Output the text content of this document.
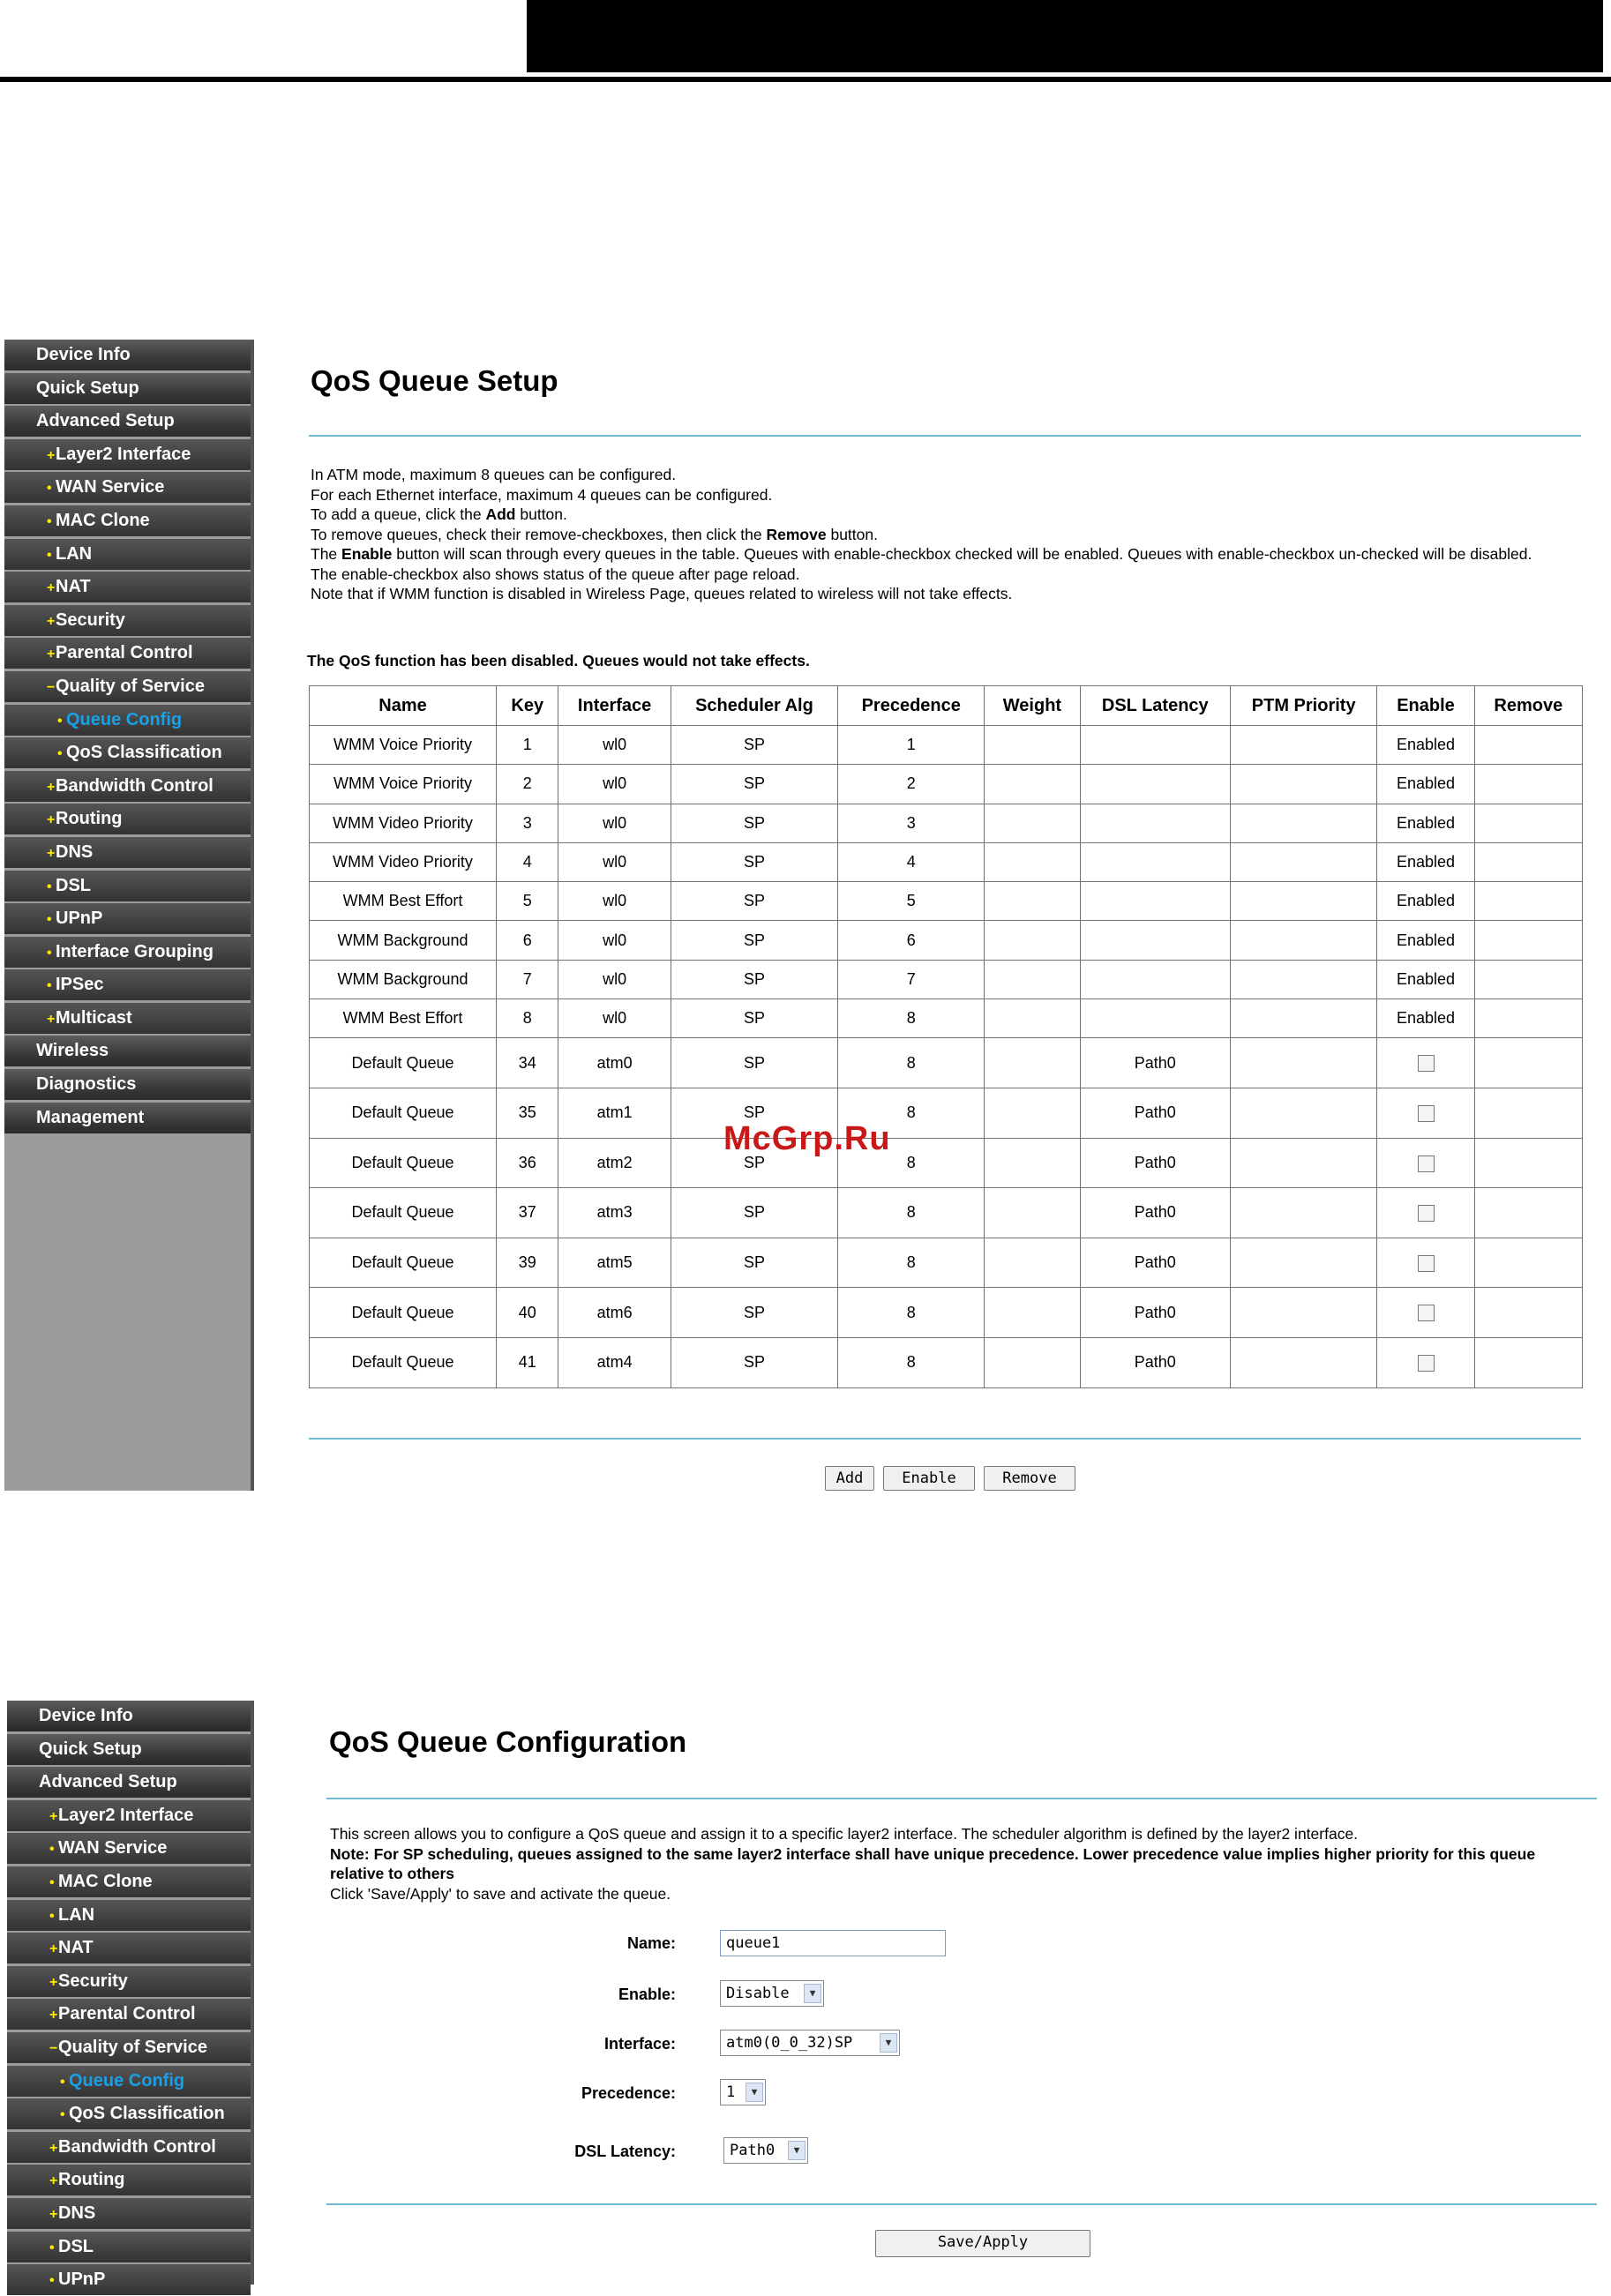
Device Info
Quick Setup
Advanced Setup
+Layer2 Interface
• WAN Service
• MAC Clone
• LAN
+NAT
+Security
+Parental Control
−Quality of Service
• Queue Config
• QoS Classification
+Bandwidth Control
+Routing
+DNS
• DSL
• UPnP
• Interface Grouping
• IPSec
+Multicast
Wireless
Diagnostics
Management
QoS Queue Setup
In ATM mode, maximum 8 queues can be configured.
For each Ethernet interface, maximum 4 queues can be configured.
To add a queue, click the Add button.
To remove queues, check their remove-checkboxes, then click the Remove button.
The Enable button will scan through every queues in the table. Queues with enable-checkbox checked will be enabled. Queues with enable-checkbox un-checked will be disabled.
The enable-checkbox also shows status of the queue after page reload.
Note that if WMM function is disabled in Wireless Page, queues related to wireless will not take effects.
The QoS function has been disabled. Queues would not take effects.
Name	Key	Interface	Scheduler Alg	Precedence	Weight	DSL Latency	PTM Priority	Enable	Remove
WMM Voice Priority	1	wl0	SP	1				Enabled	
WMM Voice Priority	2	wl0	SP	2				Enabled	
WMM Video Priority	3	wl0	SP	3				Enabled	
WMM Video Priority	4	wl0	SP	4				Enabled	
WMM Best Effort	5	wl0	SP	5				Enabled	
WMM Background	6	wl0	SP	6				Enabled	
WMM Background	7	wl0	SP	7				Enabled	
WMM Best Effort	8	wl0	SP	8				Enabled	
Default Queue	34	atm0	SP	8		Path0			
Default Queue	35	atm1	SP	8		Path0			
Default Queue	36	atm2	SP	8		Path0			
Default Queue	37	atm3	SP	8		Path0			
Default Queue	39	atm5	SP	8		Path0			
Default Queue	40	atm6	SP	8		Path0			
Default Queue	41	atm4	SP	8		Path0			
Add	Enable	Remove
McGrp.Ru
Device Info
Quick Setup
Advanced Setup
+Layer2 Interface
• WAN Service
• MAC Clone
• LAN
+NAT
+Security
+Parental Control
−Quality of Service
• Queue Config
• QoS Classification
+Bandwidth Control
+Routing
+DNS
• DSL
• UPnP
QoS Queue Configuration
This screen allows you to configure a QoS queue and assign it to a specific layer2 interface. The scheduler algorithm is defined by the layer2 interface.
Note: For SP scheduling, queues assigned to the same layer2 interface shall have unique precedence. Lower precedence value implies higher priority for this queue relative to others
Click 'Save/Apply' to save and activate the queue.
Name:	queue1
Enable:	Disable	▼
Interface:	atm0(0_0_32)SP	▼
Precedence:	1	▼
DSL Latency:	Path0	▼
Save/Apply
